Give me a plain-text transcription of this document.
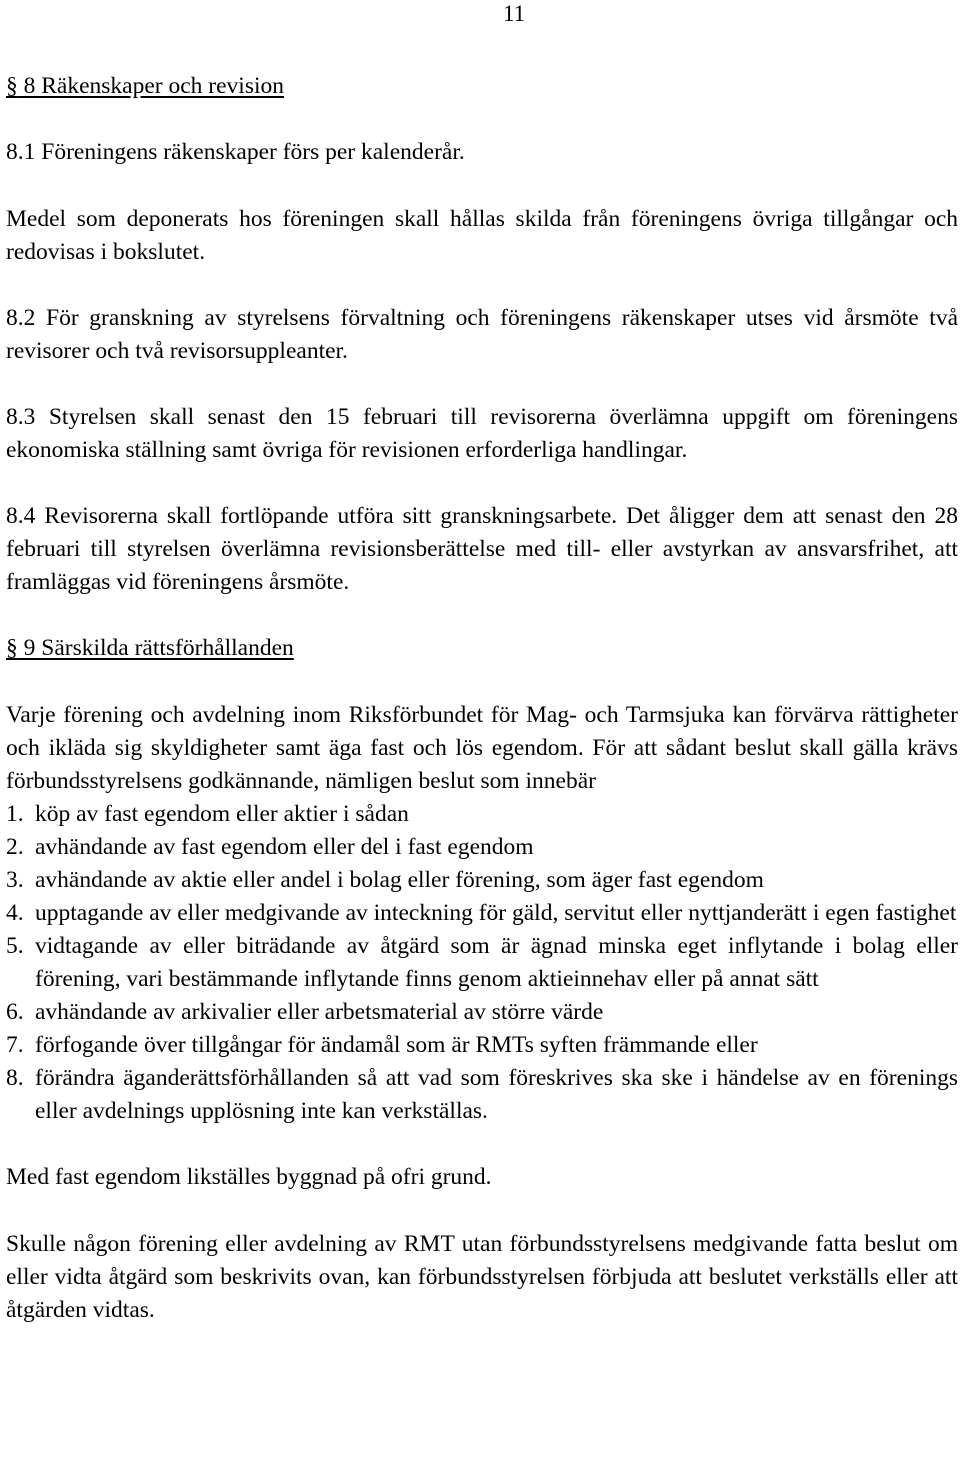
11

§ 8 Räkenskaper och revision

8.1 Föreningens räkenskaper förs per kalenderår.

Medel som deponerats hos föreningen skall hållas skilda från föreningens övriga tillgångar och redovisas i bokslutet.

8.2 För granskning av styrelsens förvaltning och föreningens räkenskaper utses vid årsmöte två revisorer och två revisorsuppleanter.

8.3 Styrelsen skall senast den 15 februari till revisorerna överlämna uppgift om föreningens ekonomiska ställning samt övriga för revisionen erforderliga handlingar.

8.4 Revisorerna skall fortlöpande utföra sitt granskningsarbete. Det åligger dem att senast den 28 februari till styrelsen överlämna revisionsberättelse med till- eller avstyrkan av ansvarsfrihet, att framläggas vid föreningens årsmöte.

§ 9 Särskilda rättsförhållanden

Varje förening och avdelning inom Riksförbundet för Mag- och Tarmsjuka kan förvärva rättigheter och ikläda sig skyldigheter samt äga fast och lös egendom. För att sådant beslut skall gälla krävs förbundsstyrelsens godkännande, nämligen beslut som innebär

1. köp av fast egendom eller aktier i sådan
2. avhändande av fast egendom eller del i fast egendom
3. avhändande av aktie eller andel i bolag eller förening, som äger fast egendom
4. upptagande av eller medgivande av inteckning för gäld, servitut eller nyttjanderätt i egen fastighet
5. vidtagande av eller biträdande av åtgärd som är ägnad minska eget inflytande i bolag eller förening, vari bestämmande inflytande finns genom aktieinnehav eller på annat sätt
6. avhändande av arkivalier eller arbetsmaterial av större värde
7. förfogande över tillgångar för ändamål som är RMTs syften främmande eller
8. förändra äganderättsförhållanden så att vad som föreskrives ska ske i händelse av en förenings eller avdelnings upplösning inte kan verkställas.

Med fast egendom likställes byggnad på ofri grund.

Skulle någon förening eller avdelning av RMT utan förbundsstyrelsens medgivande fatta beslut om eller vidta åtgärd som beskrivits ovan, kan förbundsstyrelsen förbjuda att beslutet verkställs eller att åtgärden vidtas.
